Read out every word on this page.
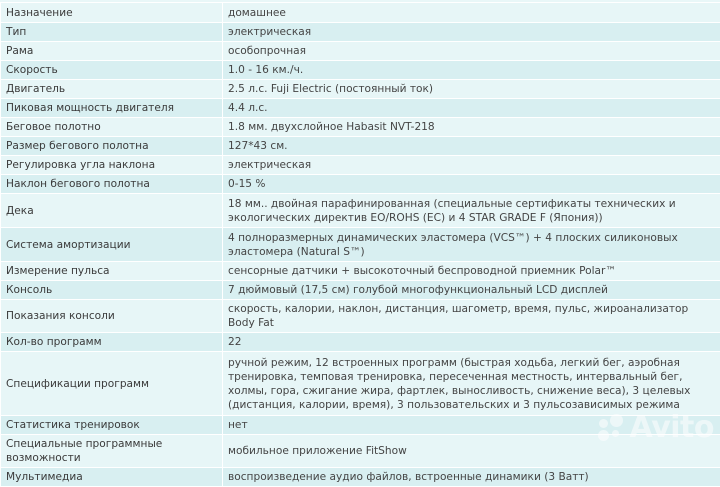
Назначение	домашнее
Тип	электрическая
Рама	особопрочная
Скорость	1.0 - 16 км./ч.
Двигатель	2.5 л.с. Fuji Electric (постоянный ток)
Пиковая мощность двигателя	4.4 л.с.
Беговое полотно	1.8 мм. двухслойное Habasit NVT-218
Размер бегового полотна	127*43 см.
Регулировка угла наклона	электрическая
Наклон бегового полотна	0-15 %
Дека	18 мм.. двойная парафинированная (специальные сертификаты технических и экологических директив EO/ROHS (EC) и 4 STAR GRADE F (Япония))
Система амортизации	4 полноразмерных динамических эластомера (VCS™) + 4 плоских силиконовых эластомера (Natural S™)
Измерение пульса	сенсорные датчики + высокоточный беспроводной приемник Polar™
Консоль	7 дюймовый (17,5 см) голубой многофункциональный LCD дисплей
Показания консоли	скорость, калории, наклон, дистанция, шагометр, время, пульс, жироанализатор Body Fat
Кол-во программ	22
Спецификации программ	ручной режим, 12 встроенных программ (быстрая ходьба, легкий бег, аэробная тренировка, темповая тренировка, пересеченная местность, интервальный бег, холмы, гора, сжигание жира, фартлек, выносливость, снижение веса), 3 целевых (дистанция, калории, время), 3 пользовательских и 3 пульсозависимых режима
Статистика тренировок	нет
Специальные программные возможности	мобильное приложение FitShow
Мультимедиа	воспроизведение аудио файлов, встроенные динамики (3 Ватт)
Avito
